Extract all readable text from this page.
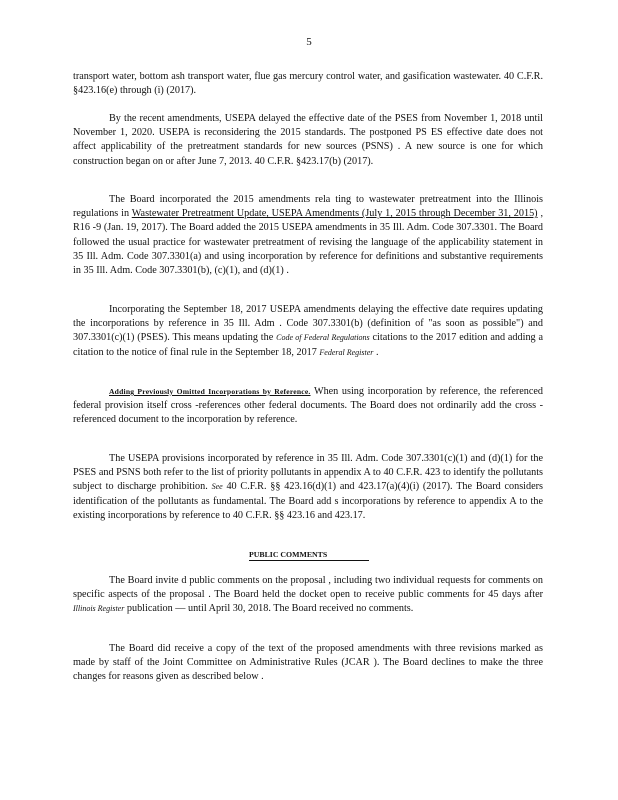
5

transport water, bottom ash transport water, flue gas mercury control water, and gasification wastewater. 40 C.F.R. §423.16(e) through (i) (2017).

By the recent amendments, USEPA delayed the effective date of the PSES from November 1, 2018 until November 1, 2020. USEPA is reconsidering the 2015 standards. The postponed PS ES effective date does not affect applicability of the pretreatment standards for new sources (PSNS) . A new source is one for which construction began on or after June 7, 2013. 40 C.F.R. §423.17(b) (2017).

The Board incorporated the 2015 amendments rela ting to wastewater pretreatment into the Illinois regulations in Wastewater Pretreatment Update, USEPA Amendments (July 1, 2015 through December 31, 2015) , R16 -9 (Jan. 19, 2017). The Board added the 2015 USEPA amendments in 35 Ill. Adm. Code 307.3301. The Board followed the usual practice for wastewater pretreatment of revising the language of the applicability statement in 35 Ill. Adm. Code 307.3301(a) and using incorporation by reference for definitions and substantive requirements in 35 Ill. Adm. Code 307.3301(b), (c)(1), and (d)(1) .

Incorporating the September 18, 2017 USEPA amendments delaying the effective date requires updating the incorporations by reference in 35 Ill. Adm . Code 307.3301(b) (definition of "as soon as possible") and 307.3301(c)(1) (PSES). This means updating the Code of Federal Regulations citations to the 2017 edition and adding a citation to the notice of final rule in the September 18, 2017 Federal Register .

Adding Previously Omitted Incorporations by Reference. When using incorporation by reference, the referenced federal provision itself cross -references other federal documents. The Board does not ordinarily add the cross -referenced document to the incorporation by reference.

The USEPA provisions incorporated by reference in 35 Ill. Adm. Code 307.3301(c)(1) and (d)(1) for the PSES and PSNS both refer to the list of priority pollutants in appendix A to 40 C.F.R. 423 to identify the pollutants subject to discharge prohibition. See 40 C.F.R. §§ 423.16(d)(1) and 423.17(a)(4)(i) (2017). The Board considers identification of the pollutants as fundamental. The Board add s incorporations by reference to appendix A to the existing incorporations by reference to 40 C.F.R. §§ 423.16 and 423.17.

PUBLIC COMMENTS

The Board invite d public comments on the proposal , including two individual requests for comments on specific aspects of the proposal . The Board held the docket open to receive public comments for 45 days after Illinois Register publication — until April 30, 2018. The Board received no comments.

The Board did receive a copy of the text of the proposed amendments with three revisions marked as made by staff of the Joint Committee on Administrative Rules (JCAR ). The Board declines to make the three changes for reasons given as described below .
